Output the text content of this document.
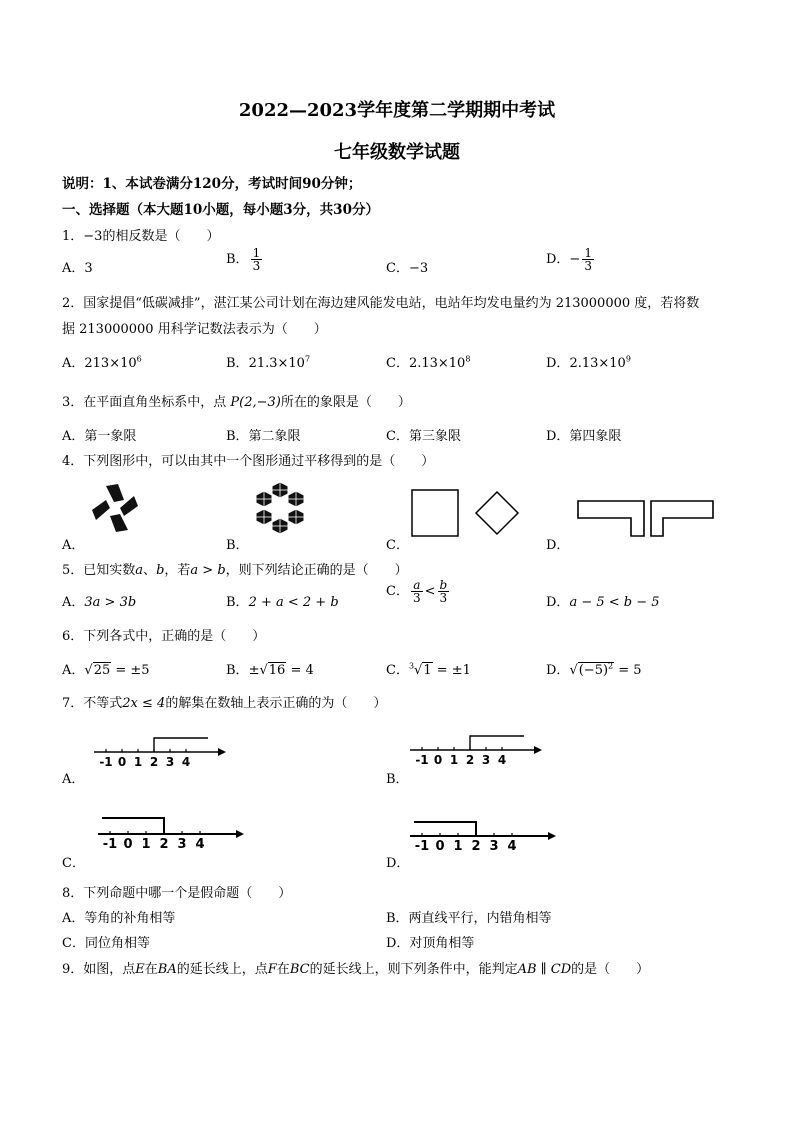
2022—2023学年度第二学期期中考试
七年级数学试题
说明：1、本试卷满分120分，考试时间90分钟；
一、选择题（本大题10小题，每小题3分，共30分）
1．−3的相反数是（　　）
A．3
B． $\frac{1}{3}$	C．−3
D．− $\frac{1}{3}$
2．国家提倡“低碳减排”，湛江某公司计划在海边建风能发电站，电站年均发电量约为 213000000 度，若将数
据 213000000 用科学记数法表示为（　　）
A．$213\times 10^6$	B．$21.3\times 10^7$	C．$2.13\times 10^8$	D．$2.13\times 10^9$
3．在平面直角坐标系中，点 P(2,−3)所在的象限是（　　）
A．第一象限	B．第二象限	C．第三象限	D．第四象限
4．下列图形中，可以由其中一个图形通过平移得到的是（　　）
A．	B．	C．	D．
5．已知实数a、b，若a > b，则下列结论正确的是（　　）
A．3a > 3b	B．2 + a < 2 + b
C． $\frac{a}{3} < \frac{b}{3}$	D．a − 5 < b − 5
6．下列各式中，正确的是（　　）
A．√25 = ±5	B．±√16 = 4	C．$^3$√1 = ±1	D．$√(-5)^2 = 5$
7．不等式2x ≤ 4的解集在数轴上表示正确的为（　　）
A．	B．
C．	D．
-1 0 1 2 3 4	-1 0 1 2 3 4
-1 0 1 2 3 4	-1 0 1 2 3 4
8．下列命题中哪一个是假命题（　　）
A．等角的补角相等	B．两直线平行，内错角相等
C．同位角相等	D．对顶角相等
9．如图，点E在BA的延长线上，点F在BC的延长线上，则下列条件中，能判定AB ∥ CD的是（　　）
